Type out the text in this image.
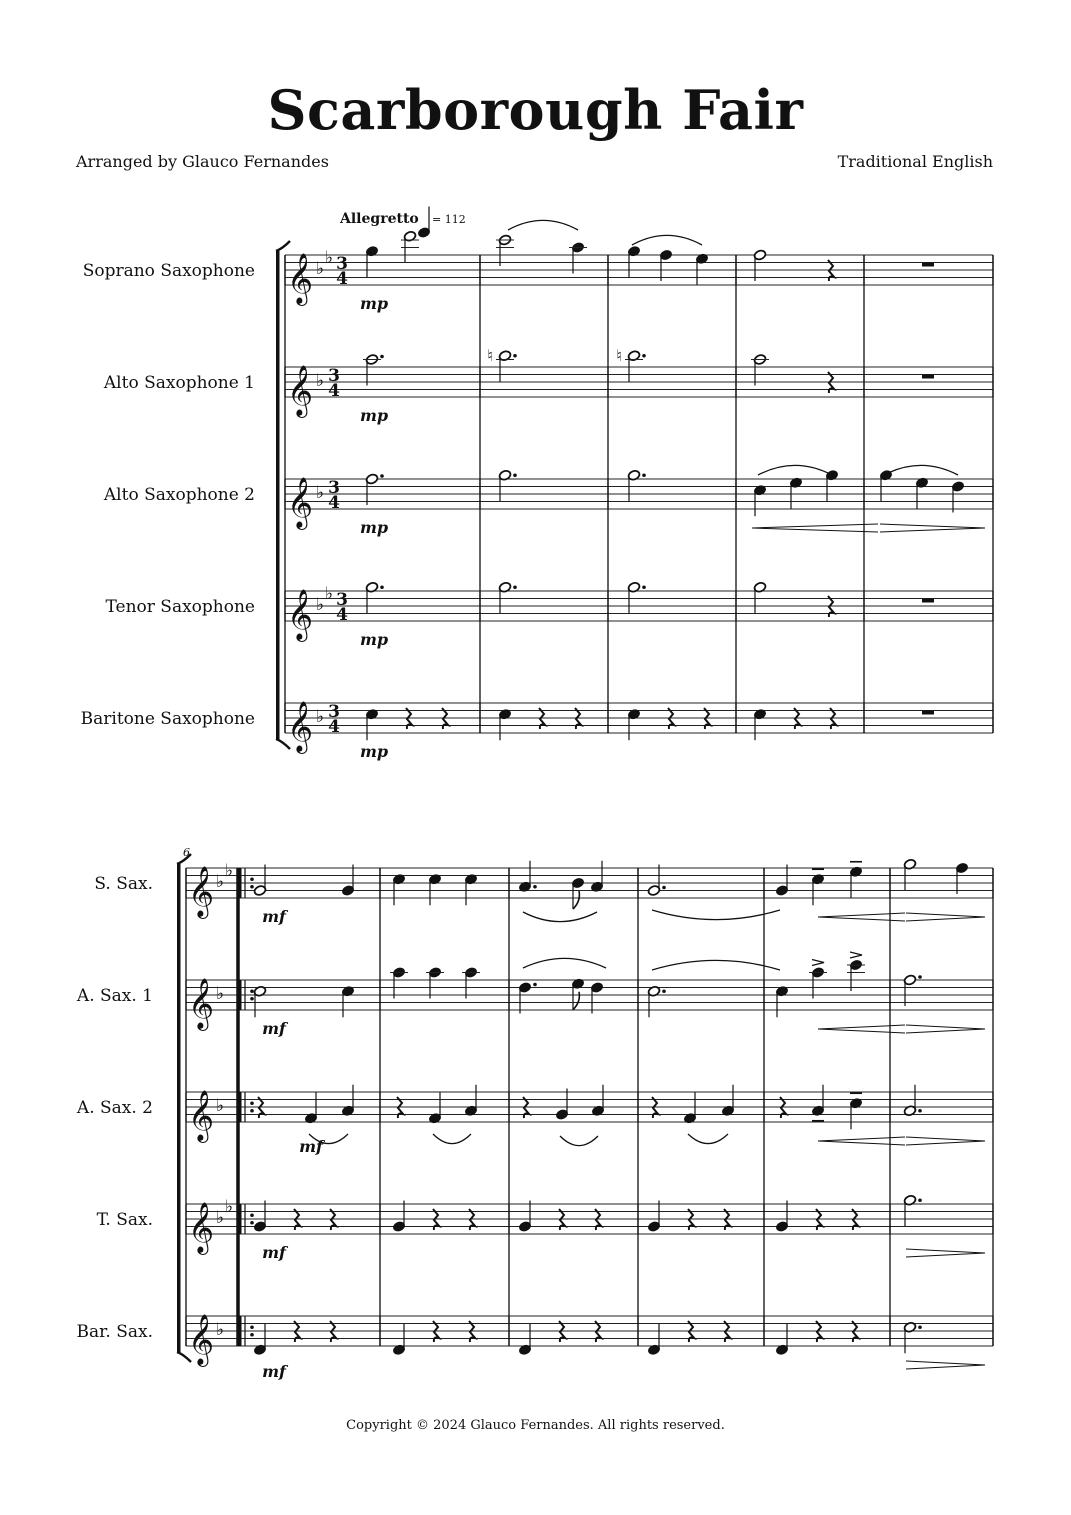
Scarborough Fair
Arranged by Glauco Fernandes	Traditional English
Copyright © 2024 Glauco Fernandes. All rights reserved.
Allegretto = 112
Soprano Saxophone 𝄞 ♭
♭ 3
4
mp
Alto Saxophone 1 𝄞 ♭ 3
4
mp
Alto Saxophone 2 𝄞 ♭ 3
4
mp
Tenor Saxophone 𝄞 ♭
♭ 3
4
mp
Baritone Saxophone 𝄞 ♭ 3
4
mp
♮	♮
6
S. Sax. 𝄞 ♭
♭
A. Sax. 1 𝄞 ♭
A. Sax. 2 𝄞 ♭
T. Sax. 𝄞 ♭
♭
Bar. Sax. 𝄞 ♭
mf
mf
mf
mf
mf
